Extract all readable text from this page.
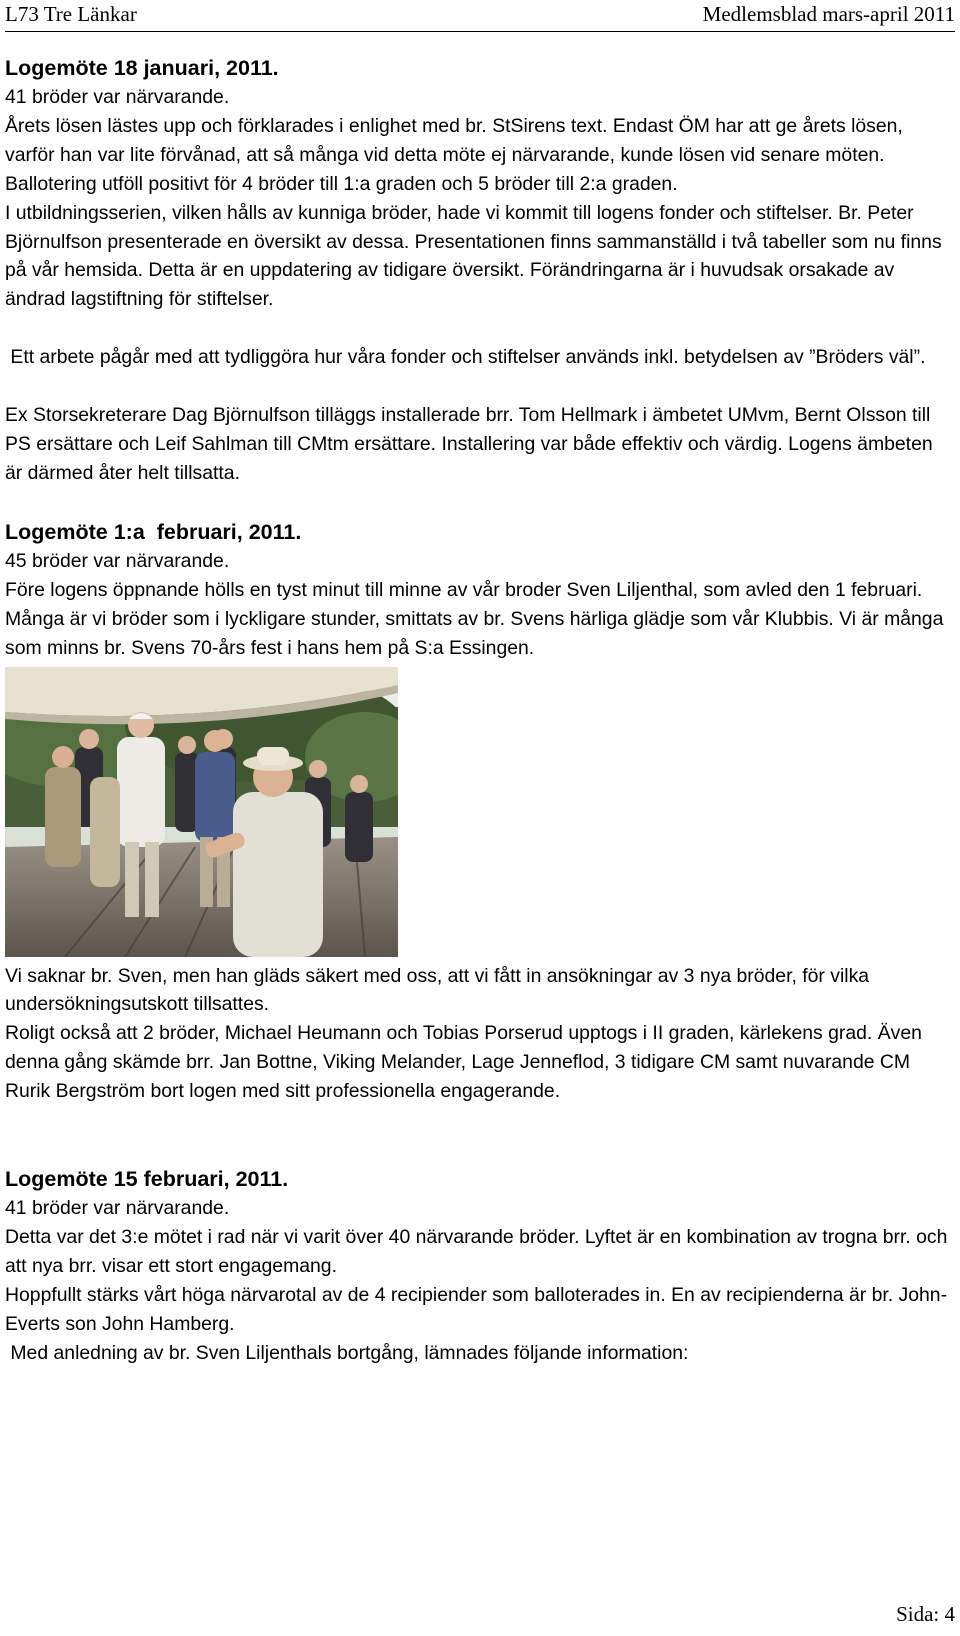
L73 Tre Länkar	Medlemsblad mars-april 2011
Logemöte 18 januari, 2011.

41 bröder var närvarande.

Årets lösen lästes upp och förklarades i enlighet med br. StSirens text. Endast ÖM har att ge årets lösen, varför han var lite förvånad, att så många vid detta möte ej närvarande, kunde lösen vid senare möten.

Ballotering utföll positivt för 4 bröder till 1:a graden och 5 bröder till 2:a graden.

I utbildningsserien, vilken hålls av kunniga bröder, hade vi kommit till logens fonder och stiftelser. Br. Peter Björnulfson presenterade en översikt av dessa. Presentationen finns sammanställd i två tabeller som nu finns på vår hemsida. Detta är en uppdatering av tidigare översikt. Förändringarna är i huvudsak orsakade av ändrad lagstiftning för stiftelser.

Ett arbete pågår med att tydliggöra hur våra fonder och stiftelser används inkl. betydelsen av ”Bröders väl”.

Ex Storsekreterare Dag Björnulfson tilläggs installerade brr. Tom Hellmark i ämbetet UMvm, Bernt Olsson till PS ersättare och Leif Sahlman till CMtm ersättare. Installering var både effektiv och värdig. Logens ämbeten är därmed åter helt tillsatta.

Logemöte 1:a  februari, 2011.

45 bröder var närvarande.

Före logens öppnande hölls en tyst minut till minne av vår broder Sven Liljenthal, som avled den 1 februari. Många är vi bröder som i lyckligare stunder, smittats av br. Svens härliga glädje som vår Klubbis. Vi är många som minns br. Svens 70-års fest i hans hem på S:a Essingen.

Vi saknar br. Sven, men han gläds säkert med oss, att vi fått in ansökningar av 3 nya bröder, för vilka undersökningsutskott tillsattes.

Roligt också att 2 bröder, Michael Heumann och Tobias Porserud upptogs i II graden, kärlekens grad. Även denna gång skämde brr. Jan Bottne, Viking Melander, Lage Jenneflod, 3 tidigare CM samt nuvarande CM Rurik Bergström bort logen med sitt professionella engagerande.

Logemöte 15 februari, 2011.

41 bröder var närvarande.

Detta var det 3:e mötet i rad när vi varit över 40 närvarande bröder. Lyftet är en kombination av trogna brr. och att nya brr. visar ett stort engagemang.

Hoppfullt stärks vårt höga närvarotal av de 4 recipiender som balloterades in. En av recipienderna är br. John-Everts son John Hamberg.

Med anledning av br. Sven Liljenthals bortgång, lämnades följande information:

Sida: 4
